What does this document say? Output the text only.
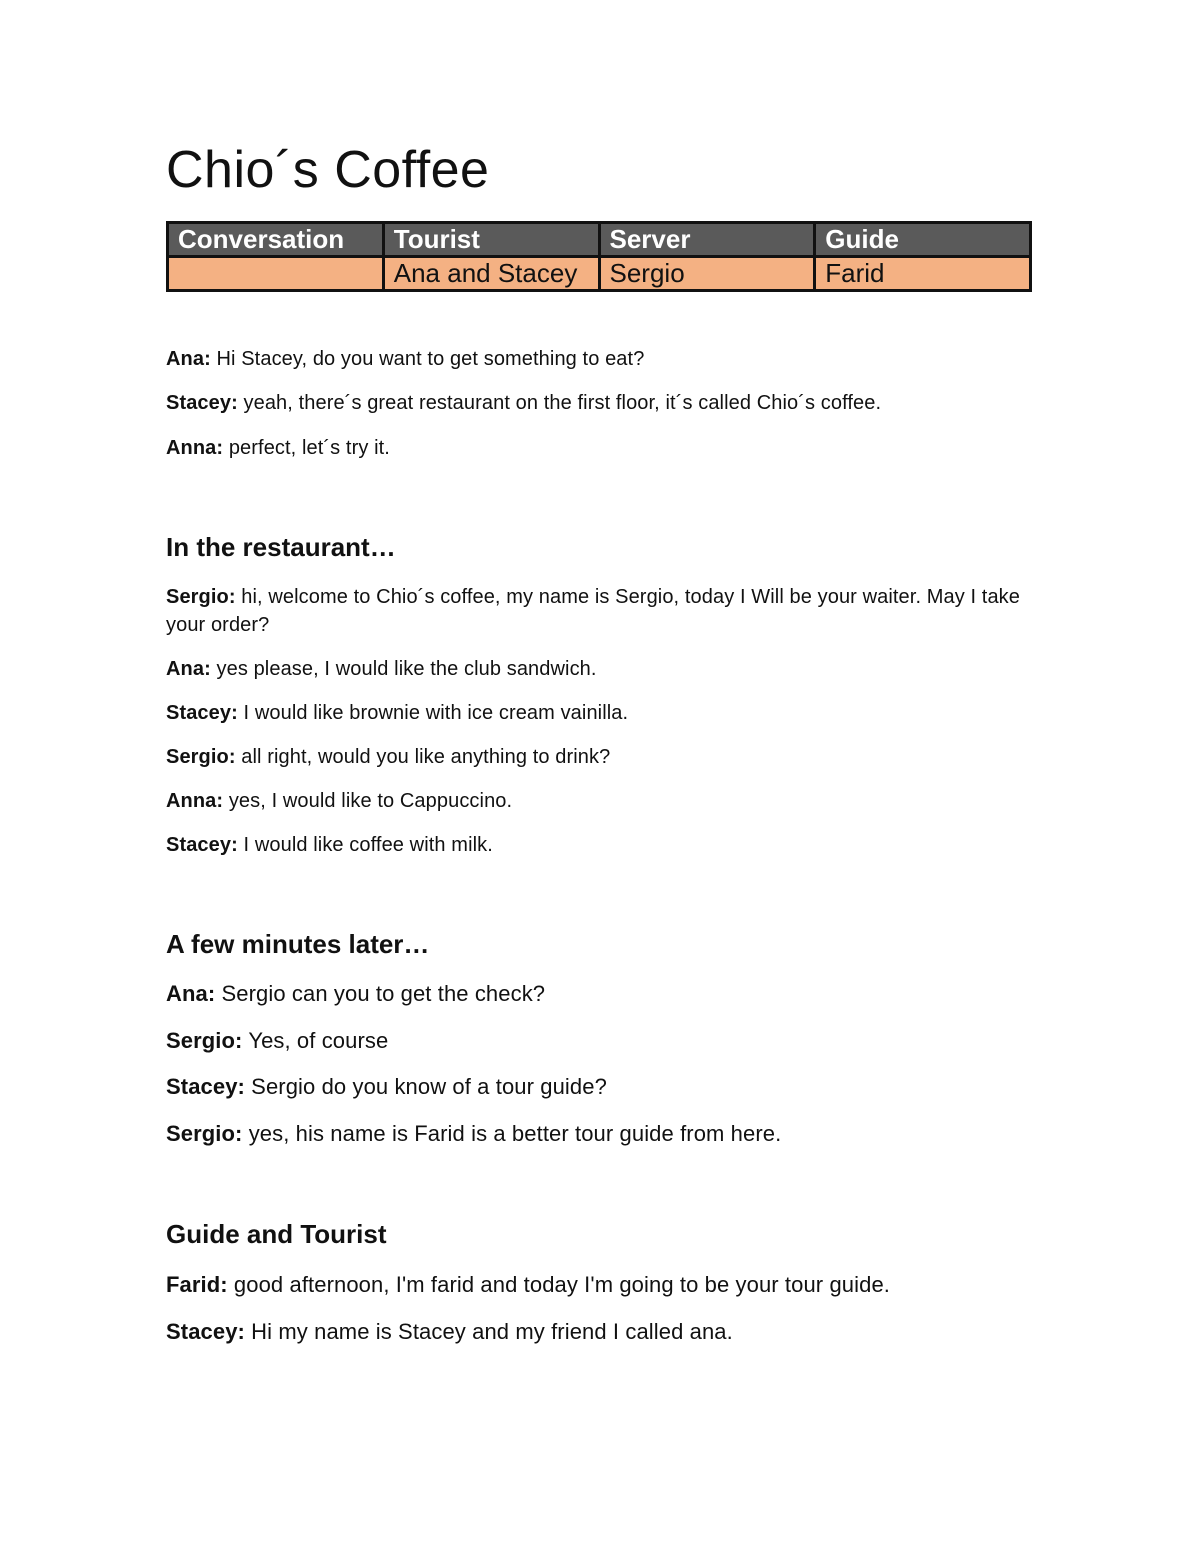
Chio´s Coffee
Conversation	Tourist	Server	Guide
	Ana and Stacey	Sergio	Farid

Ana: Hi Stacey, do you want to get something to eat?

Stacey: yeah, there´s great restaurant on the first floor, it´s called Chio´s coffee.

Anna: perfect, let´s try it.

In the restaurant…

Sergio: hi, welcome to Chio´s coffee, my name is Sergio, today I Will be your waiter. May I take your order?

Ana: yes please, I would like the club sandwich.

Stacey: I would like brownie with ice cream vainilla.

Sergio: all right, would you like anything to drink?

Anna: yes, I would like to Cappuccino.

Stacey: I would like coffee with milk.

A few minutes later…

Ana: Sergio can you to get the check?

Sergio: Yes, of course

Stacey: Sergio do you know of a tour guide?

Sergio: yes, his name is Farid is a better tour guide from here.

Guide and Tourist

Farid: good afternoon, I'm farid and today I'm going to be your tour guide.

Stacey: Hi my name is Stacey and my friend I called ana.
